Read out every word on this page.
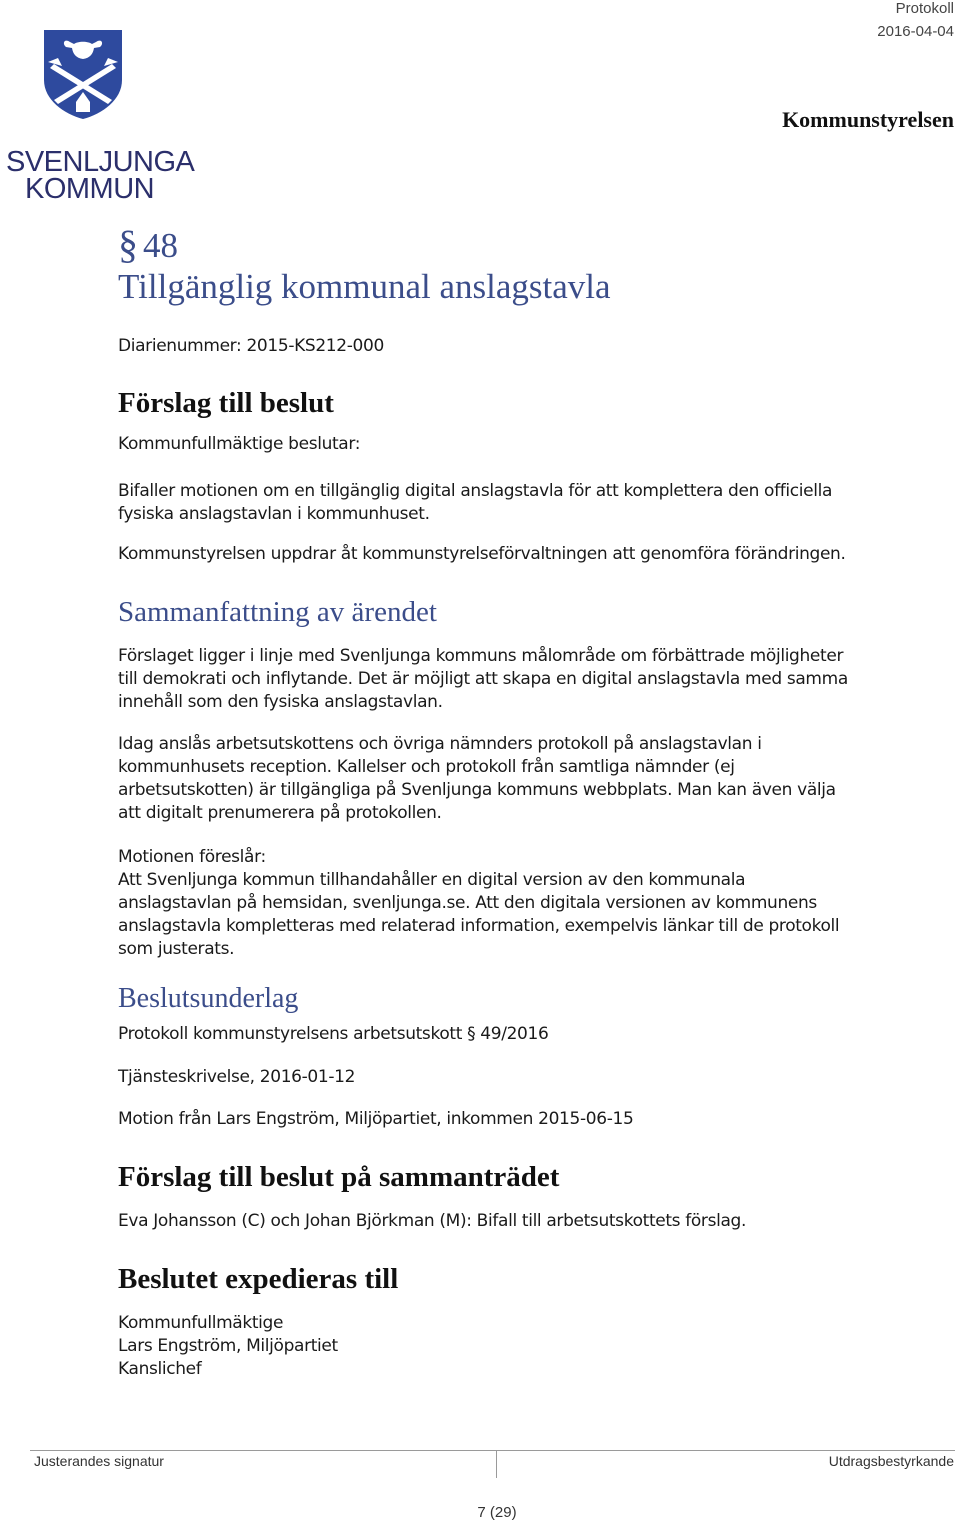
SVENLJUNGA
KOMMUN
Protokoll
2016-04-04
Kommunstyrelsen
§ 48
Tillgänglig kommunal anslagstavla
Diarienummer: 2015-KS212-000
Förslag till beslut
Kommunfullmäktige beslutar:
Bifaller motionen om en tillgänglig digital anslagstavla för att komplettera den officiella
fysiska anslagstavlan i kommunhuset.
Kommunstyrelsen uppdrar åt kommunstyrelseförvaltningen att genomföra förändringen.
Sammanfattning av ärendet
Förslaget ligger i linje med Svenljunga kommuns målområde om förbättrade möjligheter
till demokrati och inflytande. Det är möjligt att skapa en digital anslagstavla med samma
innehåll som den fysiska anslagstavlan.
Idag anslås arbetsutskottens och övriga nämnders protokoll på anslagstavlan i
kommunhusets reception. Kallelser och protokoll från samtliga nämnder (ej
arbetsutskotten) är tillgängliga på Svenljunga kommuns webbplats. Man kan även välja
att digitalt prenumerera på protokollen.
Motionen föreslår:
Att Svenljunga kommun tillhandahåller en digital version av den kommunala
anslagstavlan på hemsidan, svenljunga.se. Att den digitala versionen av kommunens
anslagstavla kompletteras med relaterad information, exempelvis länkar till de protokoll
som justerats.
Beslutsunderlag
Protokoll kommunstyrelsens arbetsutskott § 49/2016
Tjänsteskrivelse, 2016-01-12
Motion från Lars Engström, Miljöpartiet, inkommen 2015-06-15
Förslag till beslut på sammanträdet
Eva Johansson (C) och Johan Björkman (M): Bifall till arbetsutskottets förslag.
Beslutet expedieras till
Kommunfullmäktige
Lars Engström, Miljöpartiet
Kanslichef
Justerandes signatur	Utdragsbestyrkande
7 (29)
